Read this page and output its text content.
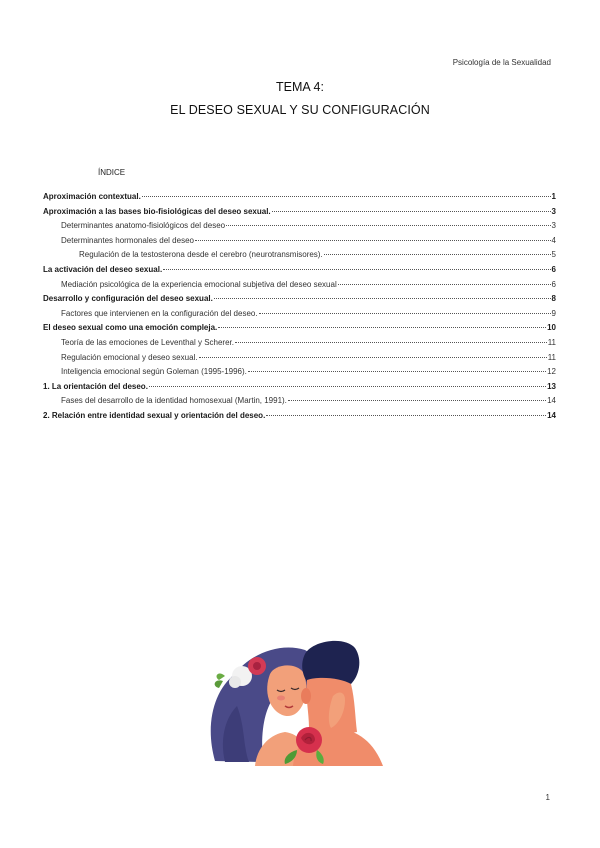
Psicología de la Sexualidad
TEMA 4:
EL DESEO SEXUAL Y SU CONFIGURACIÓN
ÍNDICE
Aproximación contextual.	1
Aproximación a las bases bio-fisiológicas del deseo sexual.	3
Determinantes anatomo-fisiológicos del deseo	3
Determinantes hormonales del deseo	4
Regulación de la testosterona desde el cerebro (neurotransmisores).	5
La activación del deseo sexual.	6
Mediación psicológica de la experiencia emocional subjetiva del deseo sexual	6
Desarrollo y configuración del deseo sexual.	8
Factores que intervienen en la configuración del deseo.	9
El deseo sexual como una emoción compleja.	10
Teoría de las emociones de Leventhal y Scherer.	11
Regulación emocional y deseo sexual.	11
Inteligencia emocional según Goleman (1995-1996).	12
1. La orientación del deseo.	13
Fases del desarrollo de la identidad homosexual (Martin, 1991).	14
2. Relación entre identidad sexual y orientación del deseo.	14
1
